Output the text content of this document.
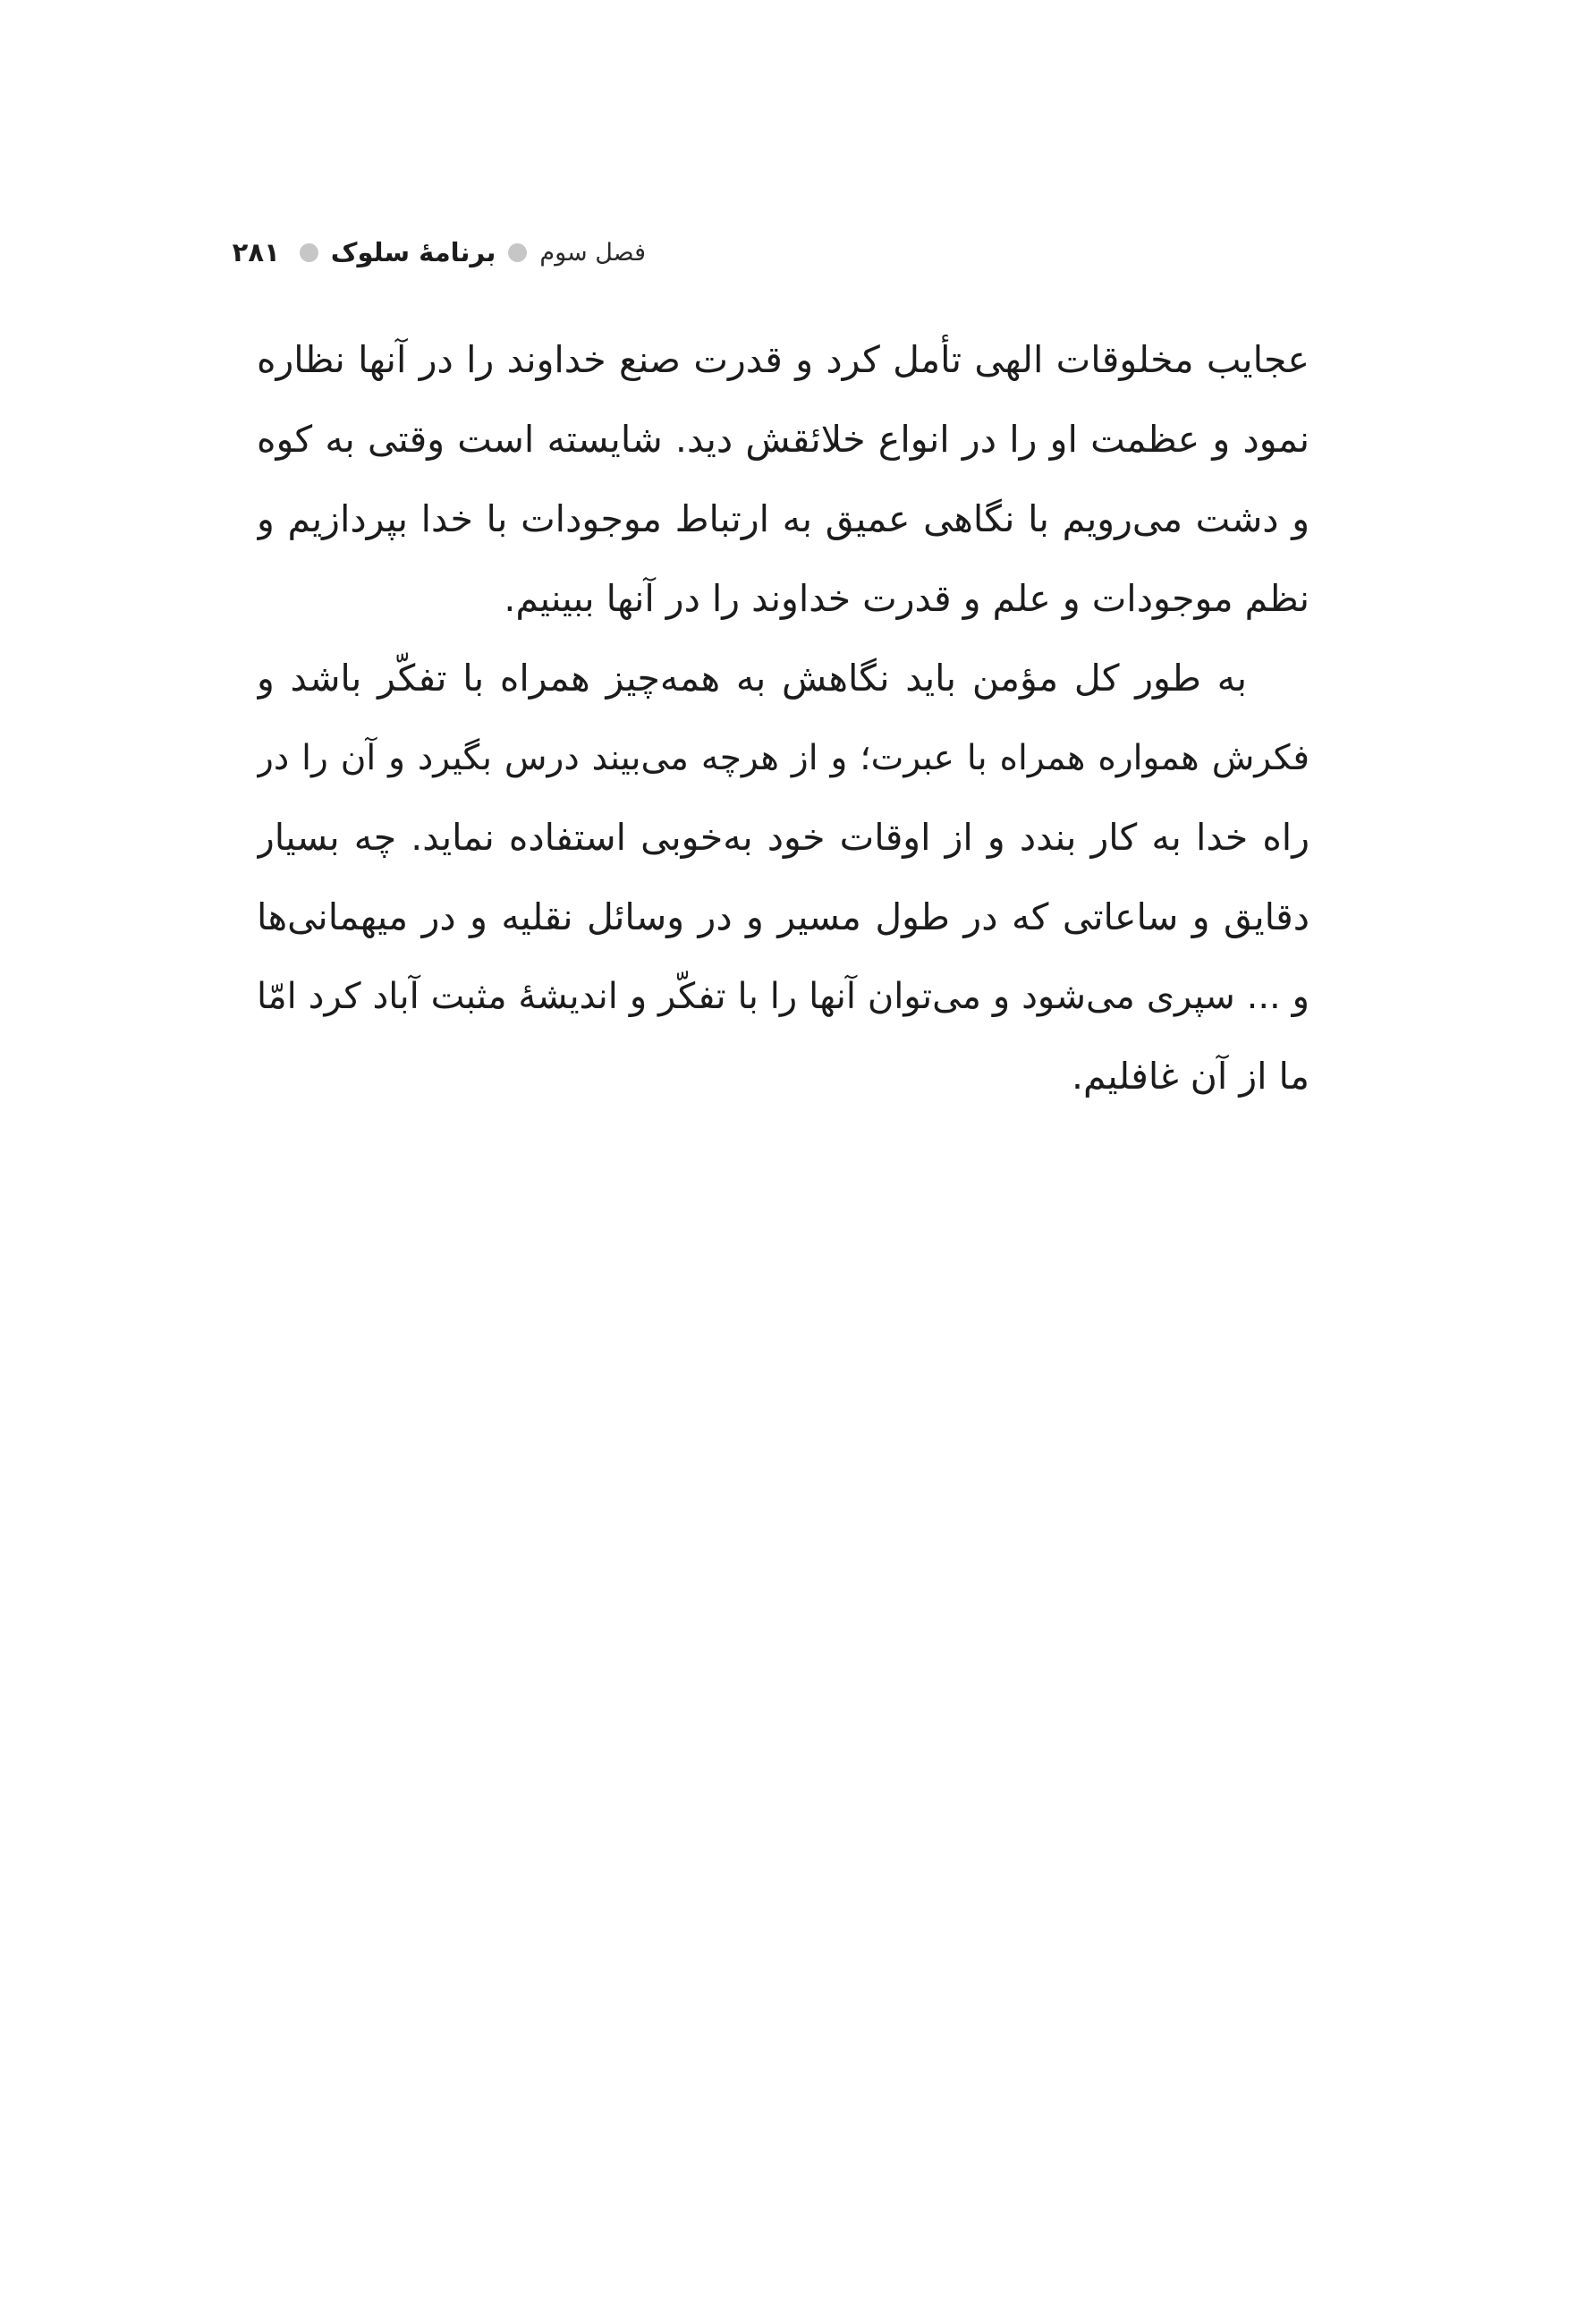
فصل سوم
برنامهٔ سلوک
۲۸۱
عجایب مخلوقات الهی تأمل کرد و قدرت صنع خداوند را در آنها نظاره
نمود و عظمت او را در انواع خلائقش دید. شایسته است وقتی به کوه
و دشت می‌رویم با نگاهی عمیق به ارتباط موجودات با خدا بپردازیم و
نظم موجودات و علم و قدرت خداوند را در آنها ببینیم.
به طور کل مؤمن باید نگاهش به همه‌چیز همراه با تفکّر باشد و
فکرش همواره همراه با عبرت؛ و از هرچه می‌بیند درس بگیرد و آن را در
راه خدا به کار بندد و از اوقات خود به‌خوبی استفاده نماید. چه بسیار
دقایق و ساعاتی که در طول مسیر و در وسائل نقلیه و در میهمانی‌ها
و ... سپری می‌شود و می‌توان آنها را با تفکّر و اندیشهٔ مثبت آباد کرد امّا
ما از آن غافلیم.
